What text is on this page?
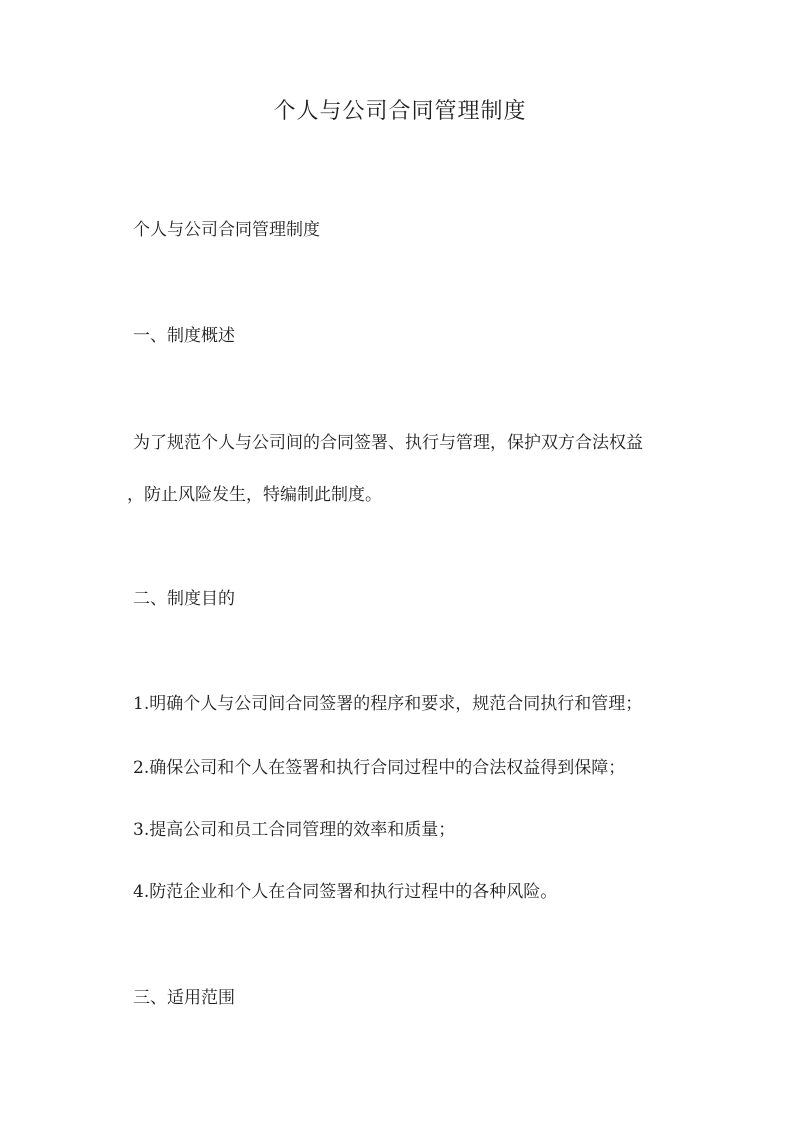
个人与公司合同管理制度

个人与公司合同管理制度

一、制度概述

为了规范个人与公司间的合同签署、执行与管理，保护双方合法权益
，防止风险发生，特编制此制度。

二、制度目的

1.明确个人与公司间合同签署的程序和要求，规范合同执行和管理；

2.确保公司和个人在签署和执行合同过程中的合法权益得到保障；

3.提高公司和员工合同管理的效率和质量；

4.防范企业和个人在合同签署和执行过程中的各种风险。

三、适用范围
